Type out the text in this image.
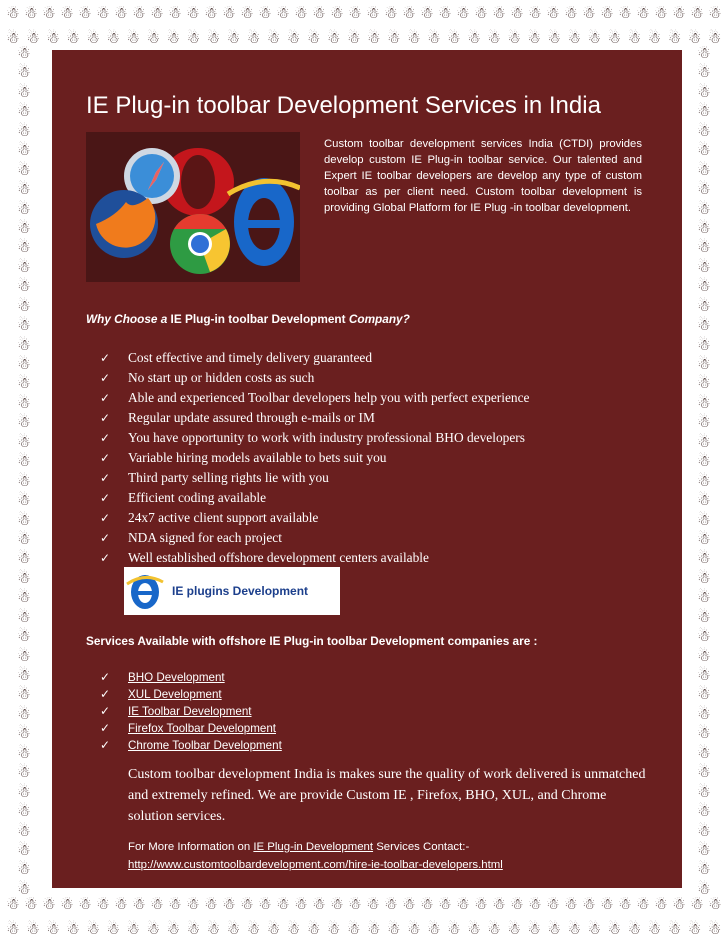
☃ ☃ ☃ ☃ ☃ ☃ ☃ ☃ ☃ ☃ ☃ ☃ ☃ ☃ ☃ ☃ ☃ ☃ ☃ ☃ ☃ ☃ ☃ ☃ ☃ ☃ ☃ ☃ ☃ ☃ ☃ ☃ ☃ ☃ ☃ ☃ ☃ ☃ ☃ ☃
☃ ☃ ☃ ☃ ☃ ☃ ☃ ☃ ☃ ☃ ☃ ☃ ☃ ☃ ☃ ☃ ☃ ☃ ☃ ☃ ☃ ☃ ☃ ☃ ☃ ☃ ☃ ☃ ☃ ☃ ☃ ☃ ☃ ☃ ☃ ☃
☃ ☃ ☃ ☃ ☃ ☃ ☃ ☃ ☃ ☃ ☃ ☃ ☃ ☃ ☃ ☃ ☃ ☃ ☃ ☃ ☃ ☃ ☃ ☃ ☃ ☃ ☃ ☃ ☃ ☃ ☃ ☃ ☃ ☃ ☃ ☃ ☃ ☃ ☃ ☃
☃ ☃ ☃ ☃ ☃ ☃ ☃ ☃ ☃ ☃ ☃ ☃ ☃ ☃ ☃ ☃ ☃ ☃ ☃ ☃ ☃ ☃ ☃ ☃ ☃ ☃ ☃ ☃ ☃ ☃ ☃ ☃ ☃ ☃ ☃ ☃
☃
☃
☃
☃
☃
☃
☃
☃
☃
☃
☃
☃
☃
☃
☃
☃
☃
☃
☃
☃
☃
☃
☃
☃
☃
☃
☃
☃
☃
☃
☃
☃
☃
☃
☃
☃
☃
☃
☃
☃
☃
☃
☃
☃
☃
☃
☃
☃
☃
☃
☃
☃
☃
☃
☃
☃
☃
☃
☃
☃
☃
☃
☃
☃
☃
☃
☃
☃
☃
☃
☃
☃
☃
☃
☃
☃
☃
☃
☃
☃
☃
☃
☃
☃
☃
☃
☃
☃
IE Plug-in toolbar Development Services in India

Custom toolbar development services India (CTDI) provides develop custom IE Plug-in toolbar service. Our talented and Expert IE toolbar developers are develop any type of custom toolbar as per client need. Custom toolbar development is providing Global Platform for IE Plug -in toolbar development.

Why Choose a IE Plug-in toolbar Development Company?

✓	Cost effective and timely delivery guaranteed
✓	No start up or hidden costs as such
✓	Able and experienced Toolbar developers help you with perfect experience
✓	Regular update assured through e-mails or IM
✓	You have opportunity to work with industry professional BHO developers
✓	Variable hiring models available to bets suit you
✓	Third party selling rights lie with you
✓	Efficient coding available
✓	24x7 active client support available
✓	NDA signed for each project
✓	Well established offshore development centers available
IE plugins Development

Services Available with offshore IE Plug-in toolbar Development companies are :

✓	BHO Development
✓	XUL Development
✓	IE Toolbar Development
✓	Firefox Toolbar Development
✓	Chrome Toolbar Development

Custom toolbar development India is makes sure the quality of work delivered is unmatched and extremely refined. We are provide Custom IE , Firefox, BHO, XUL, and Chrome solution services.

For More Information on IE Plug-in Development Services Contact:-
http://www.customtoolbardevelopment.com/hire-ie-toolbar-developers.html
